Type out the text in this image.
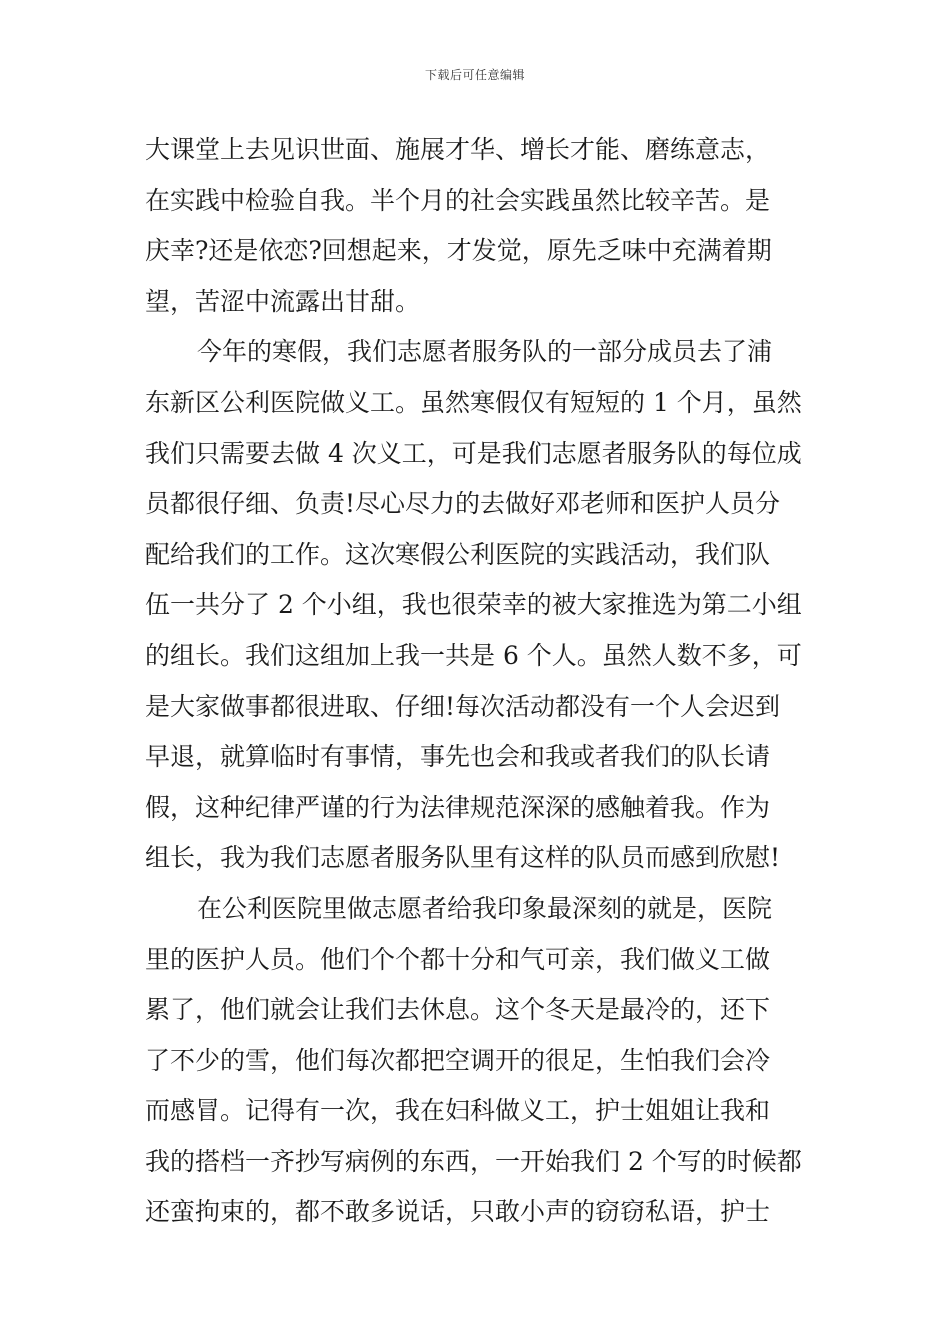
下载后可任意编辑
大课堂上去见识世面、施展才华、增长才能、磨练意志，
在实践中检验自我。半个月的社会实践虽然比较辛苦。是
庆幸?还是依恋?回想起来，才发觉，原先乏味中充满着期
望，苦涩中流露出甘甜。
今年的寒假，我们志愿者服务队的一部分成员去了浦
东新区公利医院做义工。虽然寒假仅有短短的 1 个月，虽然
我们只需要去做 4 次义工，可是我们志愿者服务队的每位成
员都很仔细、负责!尽心尽力的去做好邓老师和医护人员分
配给我们的工作。这次寒假公利医院的实践活动，我们队
伍一共分了 2 个小组，我也很荣幸的被大家推选为第二小组
的组长。我们这组加上我一共是 6 个人。虽然人数不多，可
是大家做事都很进取、仔细!每次活动都没有一个人会迟到
早退，就算临时有事情，事先也会和我或者我们的队长请
假，这种纪律严谨的行为法律规范深深的感触着我。作为
组长，我为我们志愿者服务队里有这样的队员而感到欣慰!
在公利医院里做志愿者给我印象最深刻的就是，医院
里的医护人员。他们个个都十分和气可亲，我们做义工做
累了，他们就会让我们去休息。这个冬天是最冷的，还下
了不少的雪，他们每次都把空调开的很足，生怕我们会冷
而感冒。记得有一次，我在妇科做义工，护士姐姐让我和
我的搭档一齐抄写病例的东西，一开始我们 2 个写的时候都
还蛮拘束的，都不敢多说话，只敢小声的窃窃私语，护士
